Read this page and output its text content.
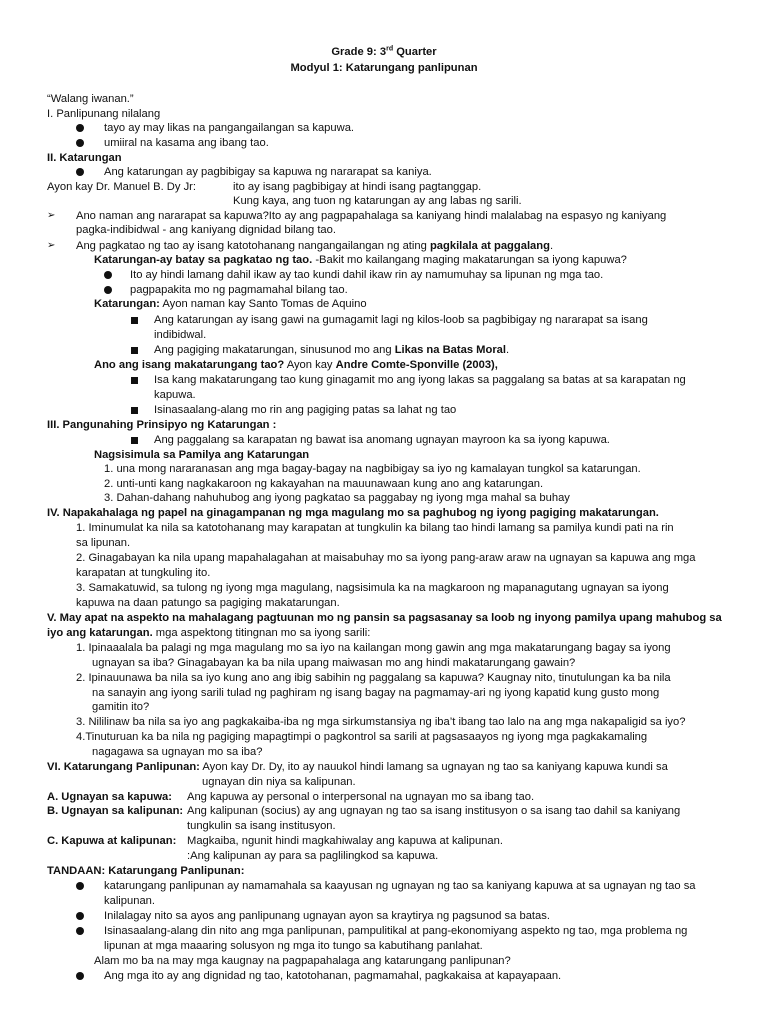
Grade 9: 3rd Quarter
Modyul 1: Katarungang panlipunan
“Walang iwanan.”
I. Panlipunang nilalang
tayo ay may likas na pangangailangan sa kapuwa.
umiiral na kasama ang ibang tao.
II. Katarungan
Ang katarungan ay pagbibigay sa kapuwa ng nararapat sa kaniya.
Ayon kay Dr. Manuel B. Dy Jr:	ito ay isang pagbibigay at hindi isang pagtanggap.
Kung kaya, ang tuon ng katarungan ay ang labas ng sarili.
➢ Ano naman ang nararapat sa kapuwa?Ito ay ang pagpapahalaga sa kaniyang hindi malalabag na espasyo ng kaniyang
pagka-indibidwal - ang kaniyang dignidad bilang tao.
➢ Ang pagkatao ng tao ay isang katotohanang nangangailangan ng ating pagkilala at paggalang.
Katarungan-ay batay sa pagkatao ng tao. -Bakit mo kailangang maging makatarungan sa iyong kapuwa?
Ito ay hindi lamang dahil ikaw ay tao kundi dahil ikaw rin ay namumuhay sa lipunan ng mga tao.
pagpapakita mo ng pagmamahal bilang tao.
Katarungan: Ayon naman kay Santo Tomas de Aquino
Ang katarungan ay isang gawi na gumagamit lagi ng kilos-loob sa pagbibigay ng nararapat sa isang
indibidwal.
Ang pagiging makatarungan, sinusunod mo ang Likas na Batas Moral.
Ano ang isang makatarungang tao? Ayon kay Andre Comte-Sponville (2003),
Isa kang makatarungang tao kung ginagamit mo ang iyong lakas sa paggalang sa batas at sa karapatan ng
kapuwa.
Isinasaalang-alang mo rin ang pagiging patas sa lahat ng tao
III. Pangunahing Prinsipyo ng Katarungan :
Ang paggalang sa karapatan ng bawat isa anomang ugnayan mayroon ka sa iyong kapuwa.
Nagsisimula sa Pamilya ang Katarungan
1. una mong nararanasan ang mga bagay-bagay na nagbibigay sa iyo ng kamalayan tungkol sa katarungan.
2. unti-unti kang nagkakaroon ng kakayahan na mauunawaan kung ano ang katarungan.
3. Dahan-dahang nahuhubog ang iyong pagkatao sa paggabay ng iyong mga mahal sa buhay
IV. Napakahalaga ng papel na ginagampanan ng mga magulang mo sa paghubog ng iyong pagiging makatarungan.
1. Iminumulat ka nila sa katotohanang may karapatan at tungkulin ka bilang tao hindi lamang sa pamilya kundi pati na rin
sa lipunan.
2. Ginagabayan ka nila upang mapahalagahan at maisabuhay mo sa iyong pang-araw araw na ugnayan sa kapuwa ang mga
karapatan at tungkuling ito.
3. Samakatuwid, sa tulong ng iyong mga magulang, nagsisimula ka na magkaroon ng mapanagutang ugnayan sa iyong
kapuwa na daan patungo sa pagiging makatarungan.
V. May apat na aspekto na mahalagang pagtuunan mo ng pansin sa pagsasanay sa loob ng inyong pamilya upang mahubog sa
iyo ang katarungan. mga aspektong titingnan mo sa iyong sarili:
1. Ipinaaalala ba palagi ng mga magulang mo sa iyo na kailangan mong gawin ang mga makatarungang bagay sa iyong
ugnayan sa iba? Ginagabayan ka ba nila upang maiwasan mo ang hindi makatarungang gawain?
2. Ipinauunawa ba nila sa iyo kung ano ang ibig sabihin ng paggalang sa kapuwa? Kaugnay nito, tinutulungan ka ba nila
na sanayin ang iyong sarili tulad ng paghiram ng isang bagay na pagmamay-ari ng iyong kapatid kung gusto mong
gamitin ito?
3. Nililinaw ba nila sa iyo ang pagkakaiba-iba ng mga sirkumstansiya ng iba’t ibang tao lalo na ang mga nakapaligid sa iyo?
4.Tinuturuan ka ba nila ng pagiging mapagtimpi o pagkontrol sa sarili at pagsasaayos ng iyong mga pagkakamaling
nagagawa sa ugnayan mo sa iba?
VI. Katarungang Panlipunan: Ayon kay Dr. Dy, ito ay nauukol hindi lamang sa ugnayan ng tao sa kaniyang kapuwa kundi sa
ugnayan din niya sa kalipunan.
A. Ugnayan sa kapuwa: Ang kapuwa ay personal o interpersonal na ugnayan mo sa ibang tao.
B. Ugnayan sa kalipunan: Ang kalipunan (socius) ay ang ugnayan ng tao sa isang institusyon o sa isang tao dahil sa kaniyang
tungkulin sa isang institusyon.
C. Kapuwa at kalipunan: Magkaiba, ngunit hindi magkahiwalay ang kapuwa at kalipunan.
:Ang kalipunan ay para sa paglilingkod sa kapuwa.
TANDAAN: Katarungang Panlipunan:
katarungang panlipunan ay namamahala sa kaayusan ng ugnayan ng tao sa kaniyang kapuwa at sa ugnayan ng tao sa
kalipunan.
Inilalagay nito sa ayos ang panlipunang ugnayan ayon sa kraytirya ng pagsunod sa batas.
Isinasaalang-alang din nito ang mga panlipunan, pampulitikal at pang-ekonomiyang aspekto ng tao, mga problema ng
lipunan at mga maaaring solusyon ng mga ito tungo sa kabutihang panlahat.
Alam mo ba na may mga kaugnay na pagpapahalaga ang katarungang panlipunan?
Ang mga ito ay ang dignidad ng tao, katotohanan, pagmamahal, pagkakaisa at kapayapaan.
